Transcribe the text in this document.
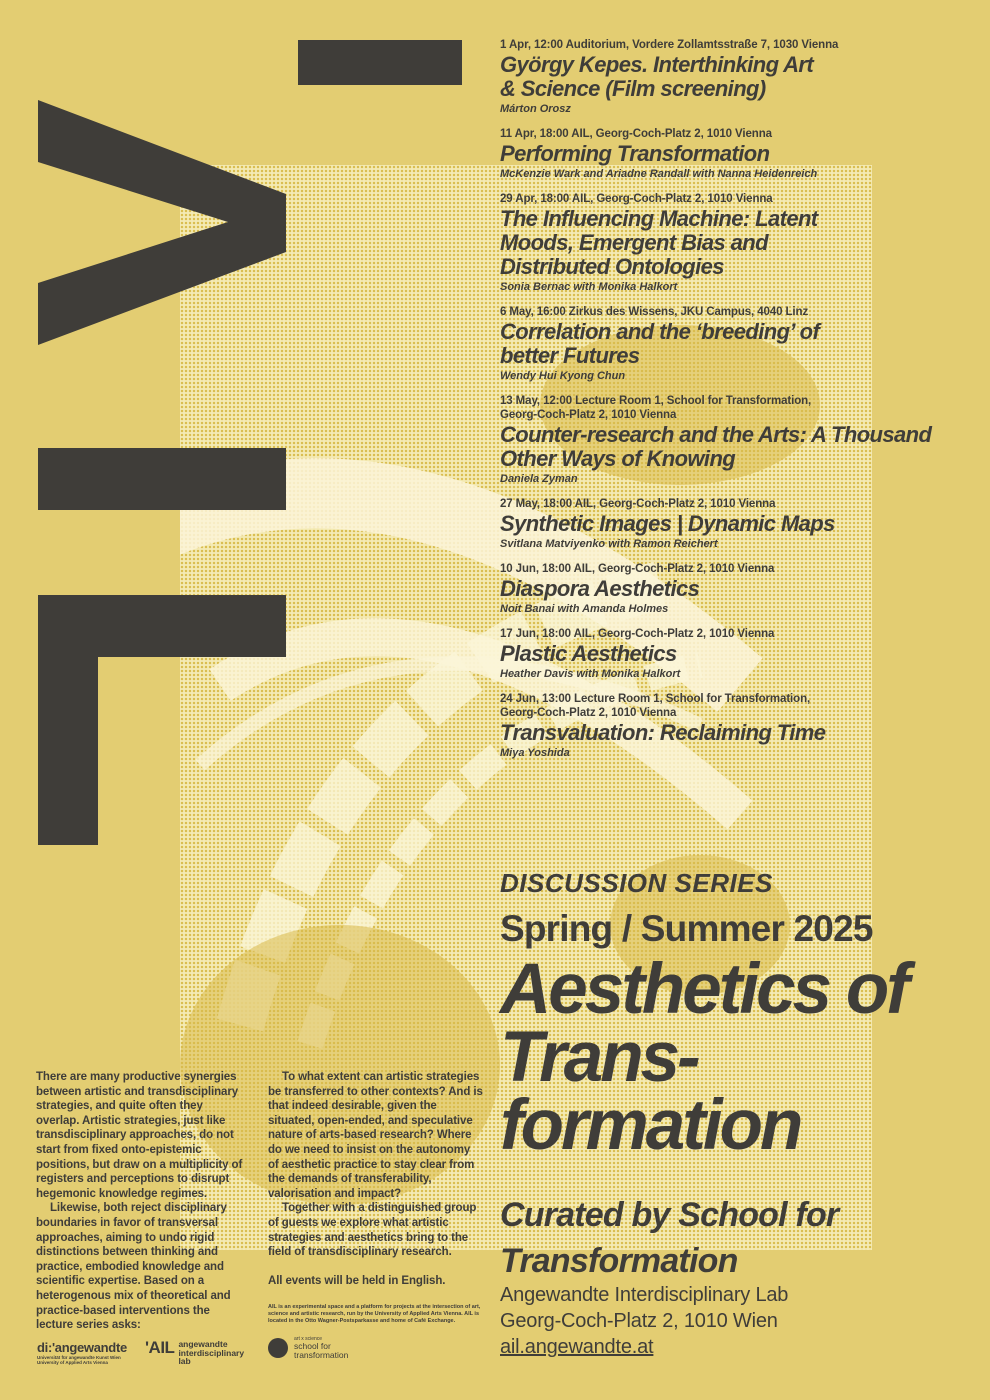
1 Apr, 12:00 Auditorium, Vordere Zollamtsstraße 7, 1030 Vienna
György Kepes. Interthinking Art & Science (Film screening)
Márton Orosz
11 Apr, 18:00 AIL, Georg-Coch-Platz 2, 1010 Vienna
Performing Transformation
McKenzie Wark and Ariadne Randall with Nanna Heidenreich
29 Apr, 18:00 AIL, Georg-Coch-Platz 2, 1010 Vienna
The Influencing Machine: Latent Moods, Emergent Bias and Distributed Ontologies
Sonia Bernac with Monika Halkort
6 May, 16:00 Zirkus des Wissens, JKU Campus, 4040 Linz
Correlation and the ‘breeding’ of better Futures
Wendy Hui Kyong Chun
13 May, 12:00 Lecture Room 1, School for Transformation, Georg-Coch-Platz 2, 1010 Vienna
Counter-research and the Arts: A Thousand Other Ways of Knowing
Daniela Zyman
27 May, 18:00 AIL, Georg-Coch-Platz 2, 1010 Vienna
Synthetic Images | Dynamic Maps
Svitlana Matviyenko with Ramon Reichert
10 Jun, 18:00 AIL, Georg-Coch-Platz 2, 1010 Vienna
Diaspora Aesthetics
Noit Banai with Amanda Holmes
17 Jun, 18:00 AIL, Georg-Coch-Platz 2, 1010 Vienna
Plastic Aesthetics
Heather Davis with Monika Halkort
24 Jun, 13:00 Lecture Room 1, School for Transformation, Georg-Coch-Platz 2, 1010 Vienna
Transvaluation: Reclaiming Time
Miya Yoshida
DISCUSSION SERIES
Spring / Summer 2025
Aesthetics of Trans- formation
Curated by School for Transformation
Angewandte Interdisciplinary Lab
Georg-Coch-Platz 2, 1010 Wien
ail.angewandte.at

There are many productive synergies between artistic and transdisciplinary strategies, and quite often they overlap. Artistic strategies, just like transdisciplinary approaches, do not start from fixed onto-epistemic positions, but draw on a multiplicity of registers and perceptions to disrupt hegemonic knowledge regimes.

Likewise, both reject disciplinary boundaries in favor of transversal approaches, aiming to undo rigid distinctions between thinking and practice, embodied knowledge and scientific expertise. Based on a heterogenous mix of theoretical and practice-based interventions the lecture series asks:

To what extent can artistic strategies be transferred to other contexts? And is that indeed desirable, given the situated, open-ended, and speculative nature of arts-based research? Where do we need to insist on the autonomy of aesthetic practice to stay clear from the demands of transferability, valorisation and impact?

Together with a distinguished group of guests we explore what artistic strategies and aesthetics bring to the field of transdisciplinary research.

All events will be held in English.

AIL is an experimental space and a platform for projects at the intersection of art, science and artistic research, run by the University of Applied Arts Vienna. AIL is located in the Otto Wagner-Postsparkasse and home of Café Exchange.
di:'angewandte
Universität für angewandte Kunst Wien
University of Applied Arts Vienna
'AIL angewandte
interdisciplinary
lab
art x science
school for
transformation
